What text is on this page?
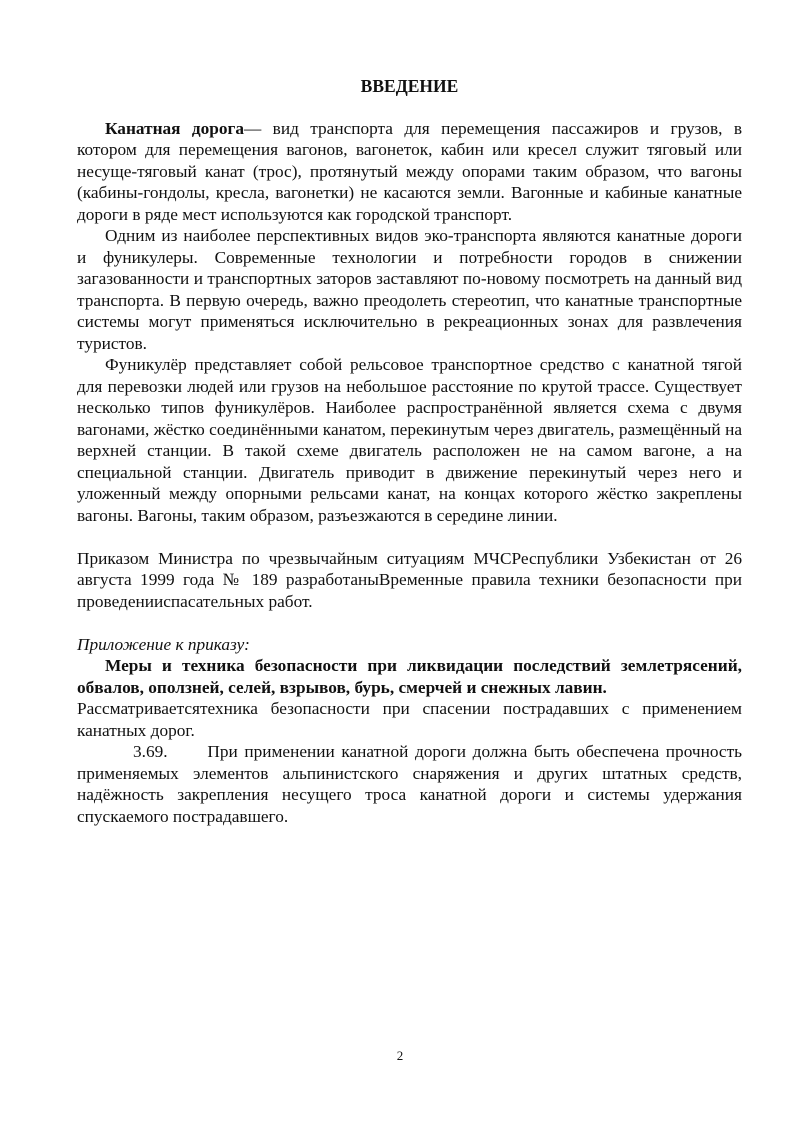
ВВЕДЕНИЕ

Канатная дорога— вид транспорта для перемещения пассажиров и грузов, в котором для перемещения вагонов, вагонеток, кабин или кресел служит тяговый или несуще-тяговый канат (трос), протянутый между опорами таким образом, что вагоны (кабины-гондолы, кресла, вагонетки) не касаются земли. Вагонные и кабиные канатные дороги в ряде мест используются как городской транспорт.

Одним из наиболее перспективных видов эко-транспорта являются канатные дороги и фуникулеры. Современные технологии и потребности городов в снижении загазованности и транспортных заторов заставляют по-новому посмотреть на данный вид транспорта. В первую очередь, важно преодолеть стереотип, что канатные транспортные системы могут применяться исключительно в рекреационных зонах для развлечения туристов.

Фуникулёр представляет собой рельсовое транспортное средство с канатной тягой для перевозки людей или грузов на небольшое расстояние по крутой трассе. Существует несколько типов фуникулёров. Наиболее распространённой является схема с двумя вагонами, жёстко соединёнными канатом, перекинутым через двигатель, размещённый на верхней станции. В такой схеме двигатель расположен не на самом вагоне, а на специальной станции. Двигатель приводит в движение перекинутый через него и уложенный между опорными рельсами канат, на концах которого жёстко закреплены вагоны. Вагоны, таким образом, разъезжаются в середине линии.

Приказом Министра по чрезвычайным ситуациям МЧСРеспублики Узбекистан от 26 августа 1999 года № 189 разработаныВременные правила техники безопасности при проведенииспасательных работ.

Приложение к приказу:

Меры и техника безопасности при ликвидации последствий землетрясений, обвалов, оползней, селей, взрывов, бурь, смерчей и снежных лавин.

Рассматриваетсятехника безопасности при спасении пострадавших с применением канатных дорог.

3.69. При применении канатной дороги должна быть обеспечена прочность применяемых элементов альпинистского снаряжения и других штатных средств, надёжность закрепления несущего троса канатной дороги и системы удержания спускаемого пострадавшего.

2
